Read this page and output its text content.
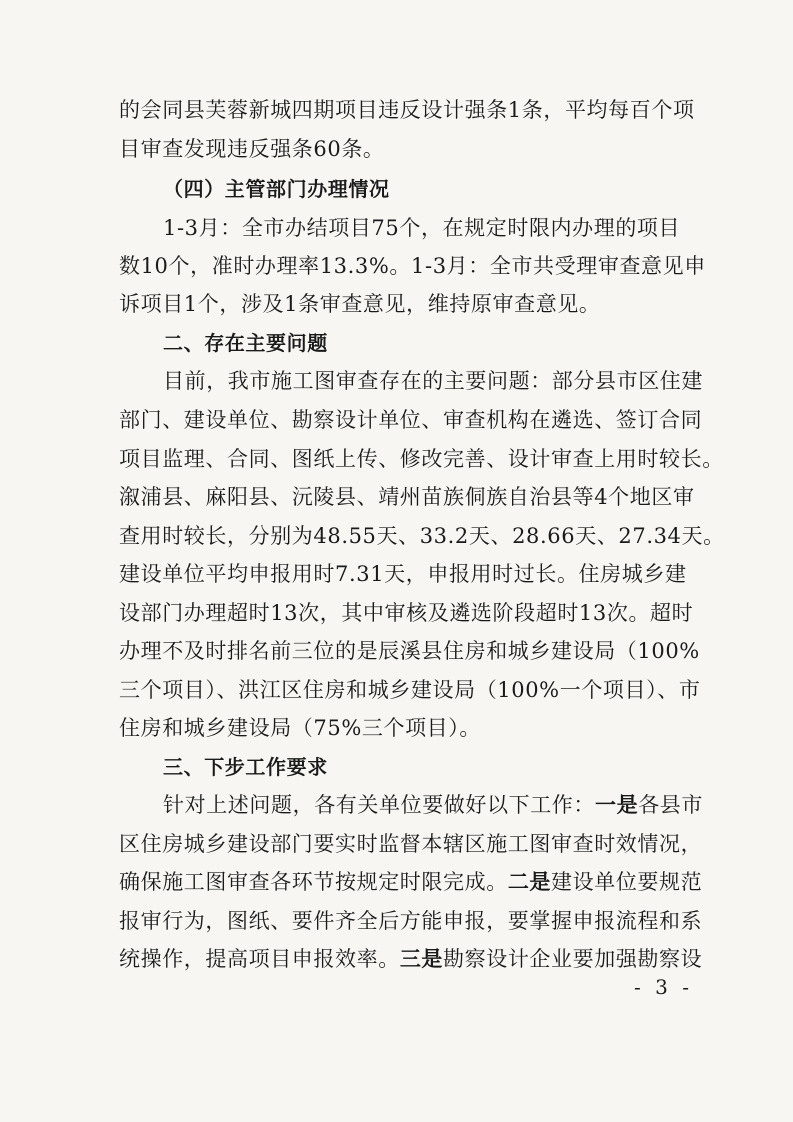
的会同县芙蓉新城四期项目违反设计强条1条，平均每百个项
目审查发现违反强条60条。
（四）主管部门办理情况
1-3月：全市办结项目75个，在规定时限内办理的项目
数10个，准时办理率13.3%。1-3月：全市共受理审查意见申
诉项目1个，涉及1条审查意见，维持原审查意见。
二、存在主要问题
目前，我市施工图审查存在的主要问题：部分县市区住建
部门、建设单位、勘察设计单位、审查机构在遴选、签订合同
项目监理、合同、图纸上传、修改完善、设计审查上用时较长。
溆浦县、麻阳县、沅陵县、靖州苗族侗族自治县等4个地区审
查用时较长，分别为48.55天、33.2天、28.66天、27.34天。
建设单位平均申报用时7.31天，申报用时过长。住房城乡建
设部门办理超时13次，其中审核及遴选阶段超时13次。超时
办理不及时排名前三位的是辰溪县住房和城乡建设局（100%
三个项目）、洪江区住房和城乡建设局（100%一个项目）、市
住房和城乡建设局（75%三个项目）。
三、下步工作要求
针对上述问题，各有关单位要做好以下工作：一是各县市
区住房城乡建设部门要实时监督本辖区施工图审查时效情况，
确保施工图审查各环节按规定时限完成。二是建设单位要规范
报审行为，图纸、要件齐全后方能申报，要掌握申报流程和系
统操作，提高项目申报效率。三是勘察设计企业要加强勘察设
- 3 -
